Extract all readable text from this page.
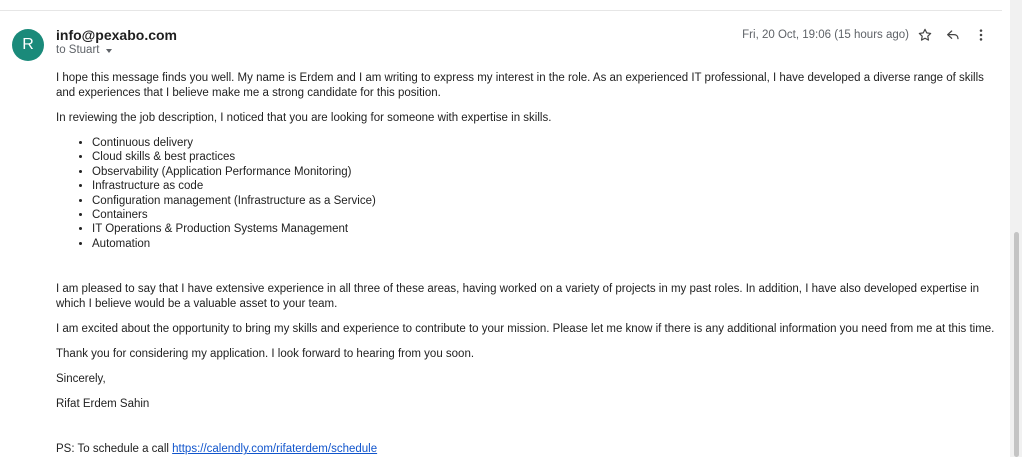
R
info@pexabo.com
to Stuart
Fri, 20 Oct, 19:06 (15 hours ago)

I hope this message finds you well. My name is Erdem and I am writing to express my interest in the role. As an experienced IT professional, I have developed a diverse range of skills and experiences that I believe make me a strong candidate for this position.

In reviewing the job description, I noticed that you are looking for someone with expertise in skills.

• Continuous delivery
• Cloud skills & best practices
• Observability (Application Performance Monitoring)
• Infrastructure as code
• Configuration management (Infrastructure as a Service)
• Containers
• IT Operations & Production Systems Management
• Automation

I am pleased to say that I have extensive experience in all three of these areas, having worked on a variety of projects in my past roles. In addition, I have also developed expertise in which I believe would be a valuable asset to your team.

I am excited about the opportunity to bring my skills and experience to contribute to your mission. Please let me know if there is any additional information you need from me at this time.

Thank you for considering my application. I look forward to hearing from you soon.

Sincerely,

Rifat Erdem Sahin

PS: To schedule a call https://calendly.com/rifaterdem/schedule
